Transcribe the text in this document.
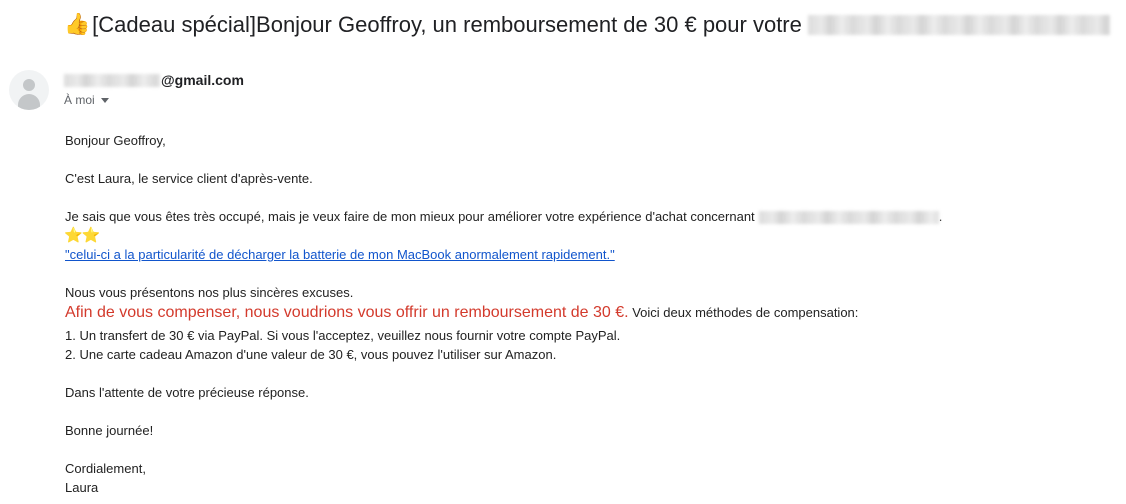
👍 [Cadeau spécial]Bonjour Geoffroy, un remboursement de 30 € pour votre
@gmail.com
À moi
Bonjour Geoffroy,
C'est Laura, le service client d'après-vente.
Je sais que vous êtes très occupé, mais je veux faire de mon mieux pour améliorer votre expérience d'achat concernant	.
⭐⭐
"celui-ci a la particularité de décharger la batterie de mon MacBook anormalement rapidement."
Nous vous présentons nos plus sincères excuses.
Afin de vous compenser, nous voudrions vous offrir un remboursement de 30 €. Voici deux méthodes de compensation:
1. Un transfert de 30 € via PayPal. Si vous l'acceptez, veuillez nous fournir votre compte PayPal.
2. Une carte cadeau Amazon d'une valeur de 30 €, vous pouvez l'utiliser sur Amazon.
Dans l'attente de votre précieuse réponse.
Bonne journée!
Cordialement,
Laura
